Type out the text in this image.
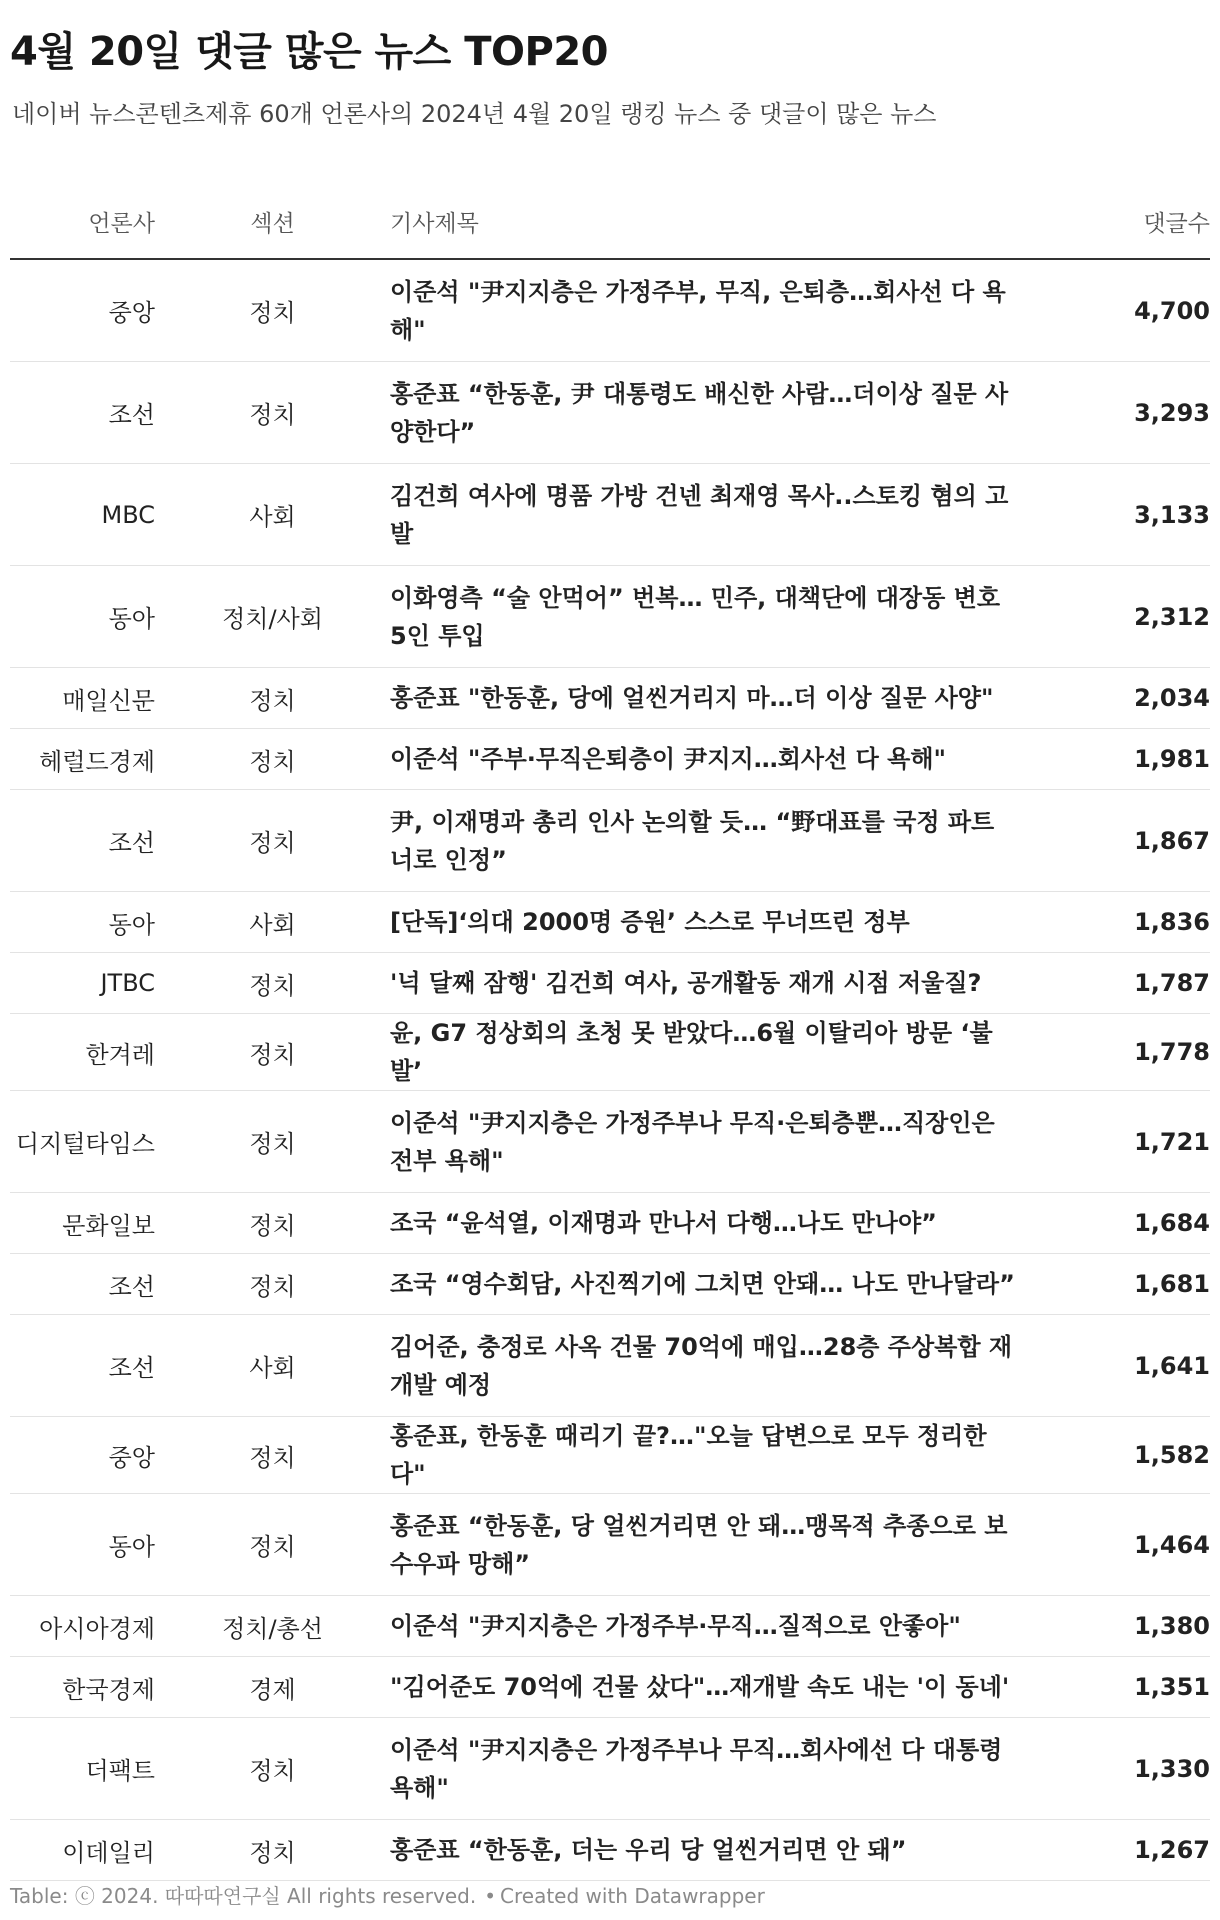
4월 20일 댓글 많은 뉴스 TOP20
네이버 뉴스콘텐츠제휴 60개 언론사의 2024년 4월 20일 랭킹 뉴스 중 댓글이 많은 뉴스
언론사	섹션	기사제목	댓글수
중앙	정치	이준석 "尹지지층은 가정주부, 무직, 은퇴층…회사선 다 욕해"	4,700
조선	정치	홍준표 “한동훈, 尹 대통령도 배신한 사람…더이상 질문 사양한다”	3,293
MBC	사회	김건희 여사에 명품 가방 건넨 최재영 목사..스토킹 혐의 고발	3,133
동아	정치/사회	이화영측 “술 안먹어” 번복… 민주, 대책단에 대장동 변호 5인 투입	2,312
매일신문	정치	홍준표 "한동훈, 당에 얼씬거리지 마…더 이상 질문 사양"	2,034
헤럴드경제	정치	이준석 "주부·무직은퇴층이 尹지지…회사선 다 욕해"	1,981
조선	정치	尹, 이재명과 총리 인사 논의할 듯… “野대표를 국정 파트너로 인정”	1,867
동아	사회	[단독]‘의대 2000명 증원’ 스스로 무너뜨린 정부	1,836
JTBC	정치	'넉 달째 잠행' 김건희 여사, 공개활동 재개 시점 저울질?	1,787
한겨레	정치	윤, G7 정상회의 초청 못 받았다…6월 이탈리아 방문 ‘불발’	1,778
디지털타임스	정치	이준석 "尹지지층은 가정주부나 무직·은퇴층뿐…직장인은 전부 욕해"	1,721
문화일보	정치	조국 “윤석열, 이재명과 만나서 다행…나도 만나야”	1,684
조선	정치	조국 “영수회담, 사진찍기에 그치면 안돼… 나도 만나달라”	1,681
조선	사회	김어준, 충정로 사옥 건물 70억에 매입…28층 주상복합 재개발 예정	1,641
중앙	정치	홍준표, 한동훈 때리기 끝?…"오늘 답변으로 모두 정리한다"	1,582
동아	정치	홍준표 “한동훈, 당 얼씬거리면 안 돼…맹목적 추종으로 보수우파 망해”	1,464
아시아경제	정치/총선	이준석 "尹지지층은 가정주부·무직…질적으로 안좋아"	1,380
한국경제	경제	"김어준도 70억에 건물 샀다"…재개발 속도 내는 '이 동네'	1,351
더팩트	정치	이준석 "尹지지층은 가정주부나 무직…회사에선 다 대통령 욕해"	1,330
이데일리	정치	홍준표 “한동훈, 더는 우리 당 얼씬거리면 안 돼”	1,267
Table: ⓒ 2024. 따따따연구실 All rights reserved. • Created with Datawrapper
